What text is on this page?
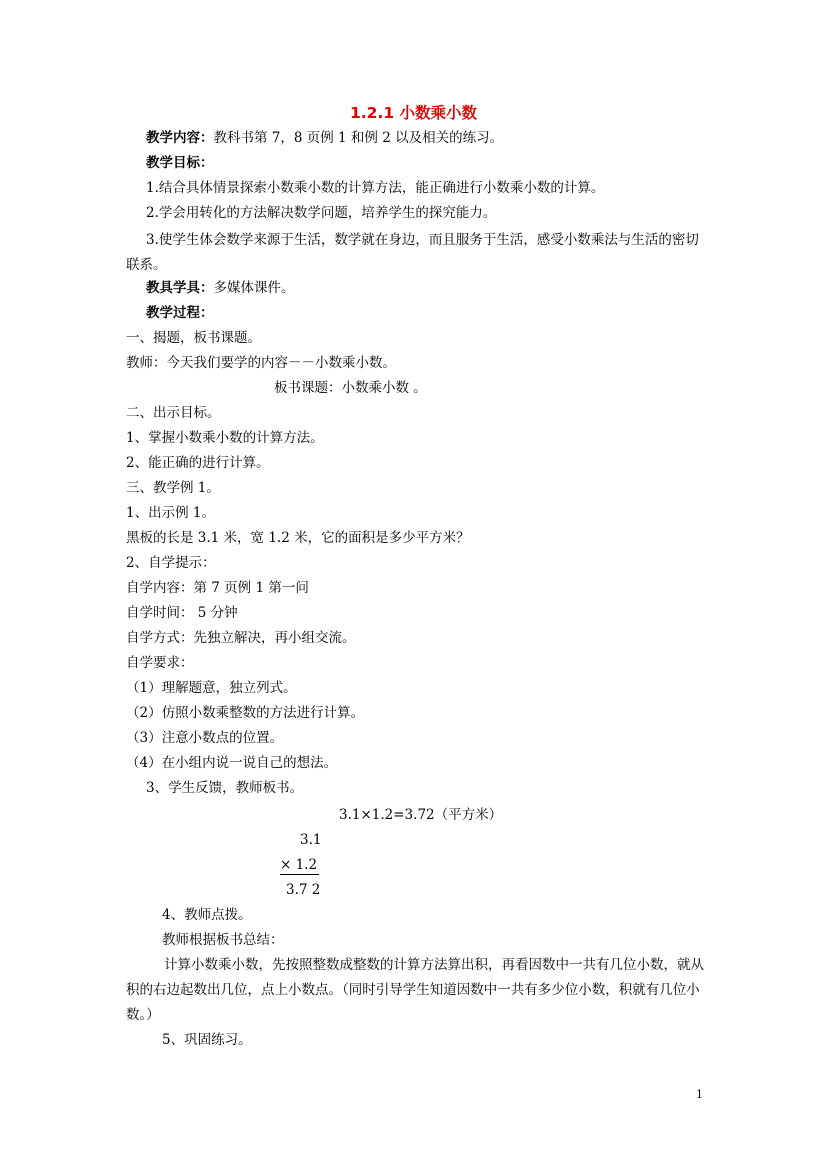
1.2.1 小数乘小数
教学内容：教科书第 7，8 页例 1 和例 2 以及相关的练习。
教学目标：
1.结合具体情景探索小数乘小数的计算方法，能正确进行小数乘小数的计算。
2.学会用转化的方法解决数学问题，培养学生的探究能力。
3.使学生体会数学来源于生活，数学就在身边，而且服务于生活，感受小数乘法与生活的密切联系。
教具学具：多媒体课件。
教学过程：
一、揭题，板书课题。
教师：今天我们要学的内容－－小数乘小数。
板书课题：小数乘小数 。
二、出示目标。
1、掌握小数乘小数的计算方法。
2、能正确的进行计算。
三、教学例 1。
1、出示例 1。
黑板的长是 3.1 米，宽 1.2 米，它的面积是多少平方米？
2、自学提示：
自学内容：第 7 页例 1 第一问
自学时间： 5 分钟
自学方式：先独立解决，再小组交流。
自学要求：
（1）理解题意，独立列式。
（2）仿照小数乘整数的方法进行计算。
（3）注意小数点的位置。
（4）在小组内说一说自己的想法。
3、学生反馈，教师板书。
3.1×1.2=3.72（平方米）
3.1
× 1.2
3.7 2
4、教师点拨。
教师根据板书总结：
计算小数乘小数，先按照整数成整数的计算方法算出积，再看因数中一共有几位小数，就从积的右边起数出几位，点上小数点。（同时引导学生知道因数中一共有多少位小数，积就有几位小数。）
5、巩固练习。
1
